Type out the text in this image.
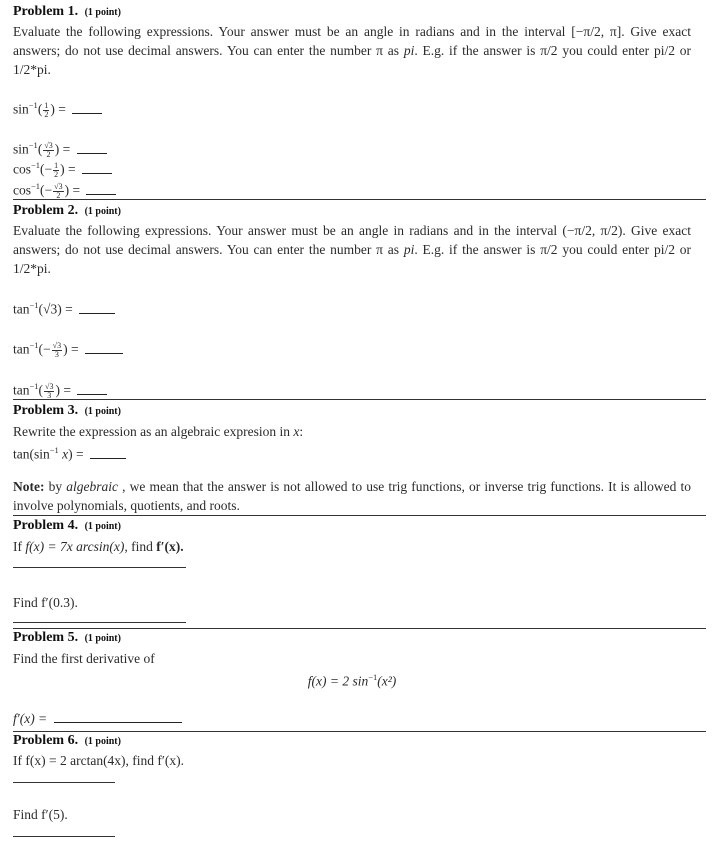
Problem 1. (1 point)
Evaluate the following expressions. Your answer must be an angle in radians and in the interval [−π/2, π]. Give exact answers; do not use decimal answers. You can enter the number π as pi. E.g. if the answer is π/2 you could enter pi/2 or 1/2*pi.
$\sin^{-1}( \frac{1}{2}$ ) =
$\sin^{-1}( \frac{√3}{2}$ ) =
$\cos^{-1}(- \frac{1}{2}$ ) =
$\cos^{-1}(- \frac{√3}{2}$ ) =
Problem 2. (1 point)
Evaluate the following expressions. Your answer must be an angle in radians and in the interval (−π/2, π/2). Give exact answers; do not use decimal answers. You can enter the number π as pi. E.g. if the answer is π/2 you could enter pi/2 or 1/2*pi.
$\tan^{-1}(√3)$ =
$\tan^{-1}(- \frac{√3}{3}$ ) =
$\tan^{-1}( \frac{√3}{3}$ ) =
Problem 3. (1 point)
Rewrite the expression as an algebraic expresion in x:
$\tan(\sin^{-1}$ x) =
Note: by algebraic , we mean that the answer is not allowed to use trig functions, or inverse trig functions. It is allowed to involve polynomials, quotients, and roots.
Problem 4. (1 point)
If f(x) = 7x arcsin(x), find f′(x).
Find f′(0.3).
Problem 5. (1 point)
Find the first derivative of
f(x) = 2 $\sin^{-1}(x^2)$
f′(x) =
Problem 6. (1 point)
If f(x) = 2 arctan(4x), find f′(x).
Find f′(5).
